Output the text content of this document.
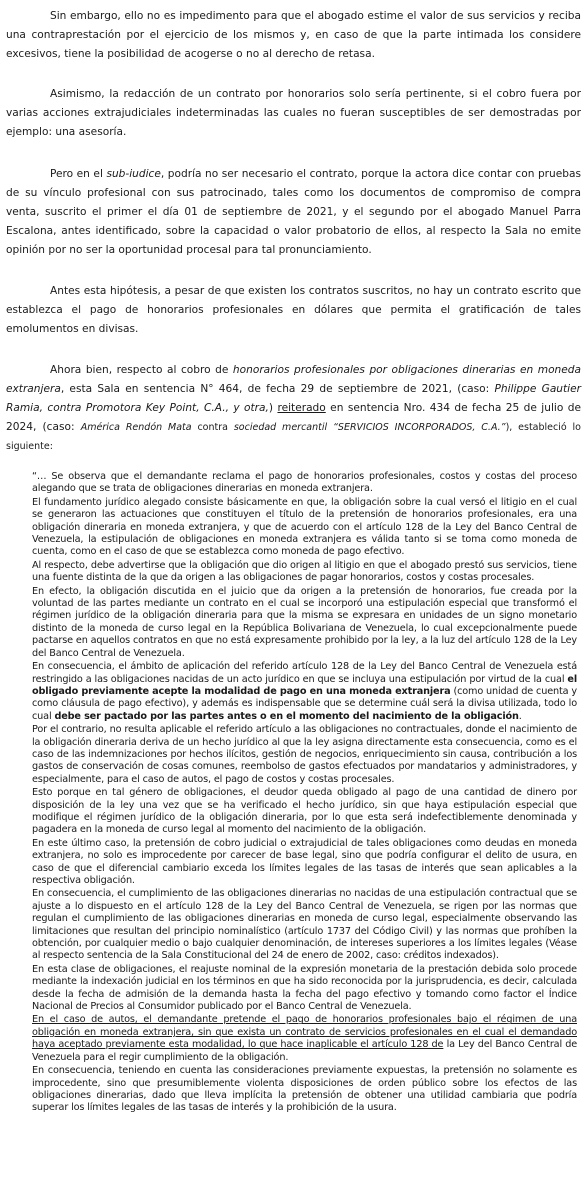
Sin embargo, ello no es impedimento para que el abogado estime el valor de sus servicios y reciba una contraprestación por el ejercicio de los mismos y, en caso de que la parte intimada los considere excesivos, tiene la posibilidad de acogerse o no al derecho de retasa.

Asimismo, la redacción de un contrato por honorarios solo sería pertinente, si el cobro fuera por varias acciones extrajudiciales indeterminadas las cuales no fueran susceptibles de ser demostradas por ejemplo: una asesoría.

Pero en el sub-iudice, podría no ser necesario el contrato, porque la actora dice contar con pruebas de su vínculo profesional con sus patrocinado, tales como los documentos de compromiso de compra venta, suscrito el primer el día 01 de septiembre de 2021, y el segundo por el abogado Manuel Parra Escalona, antes identificado, sobre la capacidad o valor probatorio de ellos, al respecto la Sala no emite opinión por no ser la oportunidad procesal para tal pronunciamiento.

Antes esta hipótesis, a pesar de que existen los contratos suscritos, no hay un contrato escrito que establezca el pago de honorarios profesionales en dólares que permita el gratificación de tales emolumentos en divisas.

Ahora bien, respecto al cobro de honorarios profesionales por obligaciones dinerarias en moneda extranjera, esta Sala en sentencia N° 464, de fecha 29 de septiembre de 2021, (caso: Philippe Gautier Ramia, contra Promotora Key Point, C.A., y otra,) reiterado en sentencia Nro. 434 de fecha 25 de julio de 2024, (caso: América Rendón Mata contra sociedad mercantil “SERVICIOS INCORPORADOS, C.A.”), estableció lo siguiente:

“… Se observa que el demandante reclama el pago de honorarios profesionales, costos y costas del proceso alegando que se trata de obligaciones dinerarias en moneda extranjera.

El fundamento jurídico alegado consiste básicamente en que, la obligación sobre la cual versó el litigio en el cual se generaron las actuaciones que constituyen el título de la pretensión de honorarios profesionales, era una obligación dineraria en moneda extranjera, y que de acuerdo con el artículo 128 de la Ley del Banco Central de Venezuela, la estipulación de obligaciones en moneda extranjera es válida tanto si se toma como moneda de cuenta, como en el caso de que se establezca como moneda de pago efectivo.

Al respecto, debe advertirse que la obligación que dio origen al litigio en que el abogado prestó sus servicios, tiene una fuente distinta de la que da origen a las obligaciones de pagar honorarios, costos y costas procesales.

En efecto, la obligación discutida en el juicio que da origen a la pretensión de honorarios, fue creada por la voluntad de las partes mediante un contrato en el cual se incorporó una estipulación especial que transformó el régimen jurídico de la obligación dineraria para que la misma se expresara en unidades de un signo monetario distinto de la moneda de curso legal en la República Bolivariana de Venezuela, lo cual excepcionalmente puede pactarse en aquellos contratos en que no está expresamente prohibido por la ley, a la luz del artículo 128 de la Ley del Banco Central de Venezuela.

En consecuencia, el ámbito de aplicación del referido artículo 128 de la Ley del Banco Central de Venezuela está restringido a las obligaciones nacidas de un acto jurídico en que se incluya una estipulación por virtud de la cual el obligado previamente acepte la modalidad de pago en una moneda extranjera (como unidad de cuenta y como cláusula de pago efectivo), y además es indispensable que se determine cuál será la divisa utilizada, todo lo cual debe ser pactado por las partes antes o en el momento del nacimiento de la obligación.

Por el contrario, no resulta aplicable el referido artículo a las obligaciones no contractuales, donde el nacimiento de la obligación dineraria deriva de un hecho jurídico al que la ley asigna directamente esta consecuencia, como es el caso de las indemnizaciones por hechos ilícitos, gestión de negocios, enriquecimiento sin causa, contribución a los gastos de conservación de cosas comunes, reembolso de gastos efectuados por mandatarios y administradores, y especialmente, para el caso de autos, el pago de costos y costas procesales.

Esto porque en tal género de obligaciones, el deudor queda obligado al pago de una cantidad de dinero por disposición de la ley una vez que se ha verificado el hecho jurídico, sin que haya estipulación especial que modifique el régimen jurídico de la obligación dineraria, por lo que esta será indefectiblemente denominada y pagadera en la moneda de curso legal al momento del nacimiento de la obligación.

En este último caso, la pretensión de cobro judicial o extrajudicial de tales obligaciones como deudas en moneda extranjera, no solo es improcedente por carecer de base legal, sino que podría configurar el delito de usura, en caso de que el diferencial cambiario exceda los límites legales de las tasas de interés que sean aplicables a la respectiva obligación.

En consecuencia, el cumplimiento de las obligaciones dinerarias no nacidas de una estipulación contractual que se ajuste a lo dispuesto en el artículo 128 de la Ley del Banco Central de Venezuela, se rigen por las normas que regulan el cumplimiento de las obligaciones dinerarias en moneda de curso legal, especialmente observando las limitaciones que resultan del principio nominalístico (artículo 1737 del Código Civil) y las normas que prohíben la obtención, por cualquier medio o bajo cualquier denominación, de intereses superiores a los límites legales (Véase al respecto sentencia de la Sala Constitucional del 24 de enero de 2002, caso: créditos indexados).

En esta clase de obligaciones, el reajuste nominal de la expresión monetaria de la prestación debida solo procede mediante la indexación judicial en los términos en que ha sido reconocida por la jurisprudencia, es decir, calculada desde la fecha de admisión de la demanda hasta la fecha del pago efectivo y tomando como factor el Índice Nacional de Precios al Consumidor publicado por el Banco Central de Venezuela.

En el caso de autos, el demandante pretende el pago de honorarios profesionales bajo el régimen de una obligación en moneda extranjera, sin que exista un contrato de servicios profesionales en el cual el demandado haya aceptado previamente esta modalidad, lo que hace inaplicable el artículo 128 de la Ley del Banco Central de Venezuela para el regir cumplimiento de la obligación.

En consecuencia, teniendo en cuenta las consideraciones previamente expuestas, la pretensión no solamente es improcedente, sino que presumiblemente violenta disposiciones de orden público sobre los efectos de las obligaciones dinerarias, dado que lleva implícita la pretensión de obtener una utilidad cambiaria que podría superar los límites legales de las tasas de interés y la prohibición de la usura.
